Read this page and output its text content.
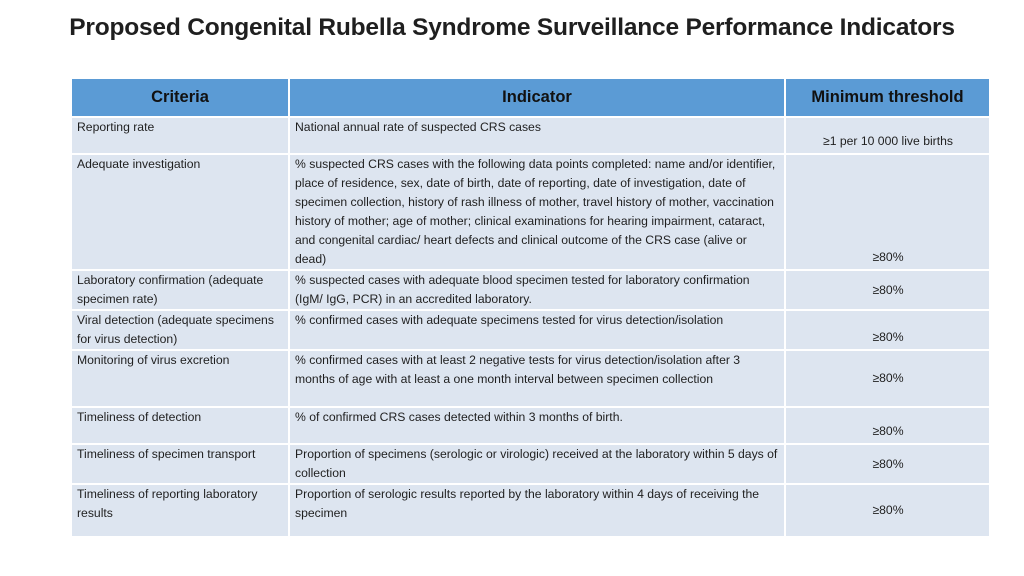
Proposed Congenital Rubella Syndrome Surveillance Performance Indicators
Criteria	Indicator	Minimum threshold
Reporting rate	National annual rate of suspected CRS cases	≥1 per 10 000 live births
Adequate investigation	% suspected CRS cases with the following data points completed: name and/or identifier, place of residence, sex, date of birth, date of reporting, date of investigation, date of specimen collection, history of rash illness of mother, travel history of mother, vaccination history of mother; age of mother; clinical examinations for hearing impairment, cataract, and congenital cardiac/ heart defects and clinical outcome of the CRS case (alive or dead)	≥80%
Laboratory confirmation (adequate specimen rate)	% suspected cases with adequate blood specimen tested for laboratory confirmation (IgM/ IgG, PCR) in an accredited laboratory.	≥80%
Viral detection (adequate specimens for virus detection)	% confirmed cases with adequate specimens tested for virus detection/isolation	≥80%
Monitoring of virus excretion	% confirmed cases with at least 2 negative tests for virus detection/isolation after 3 months of age with at least a one month interval between specimen collection	≥80%
Timeliness of detection	% of confirmed CRS cases detected within 3 months of birth.	≥80%
Timeliness of specimen transport	Proportion of specimens (serologic or virologic) received at the laboratory within 5 days of collection	≥80%
Timeliness of reporting laboratory results	Proportion of serologic results reported by the laboratory within 4 days of receiving the specimen	≥80%
